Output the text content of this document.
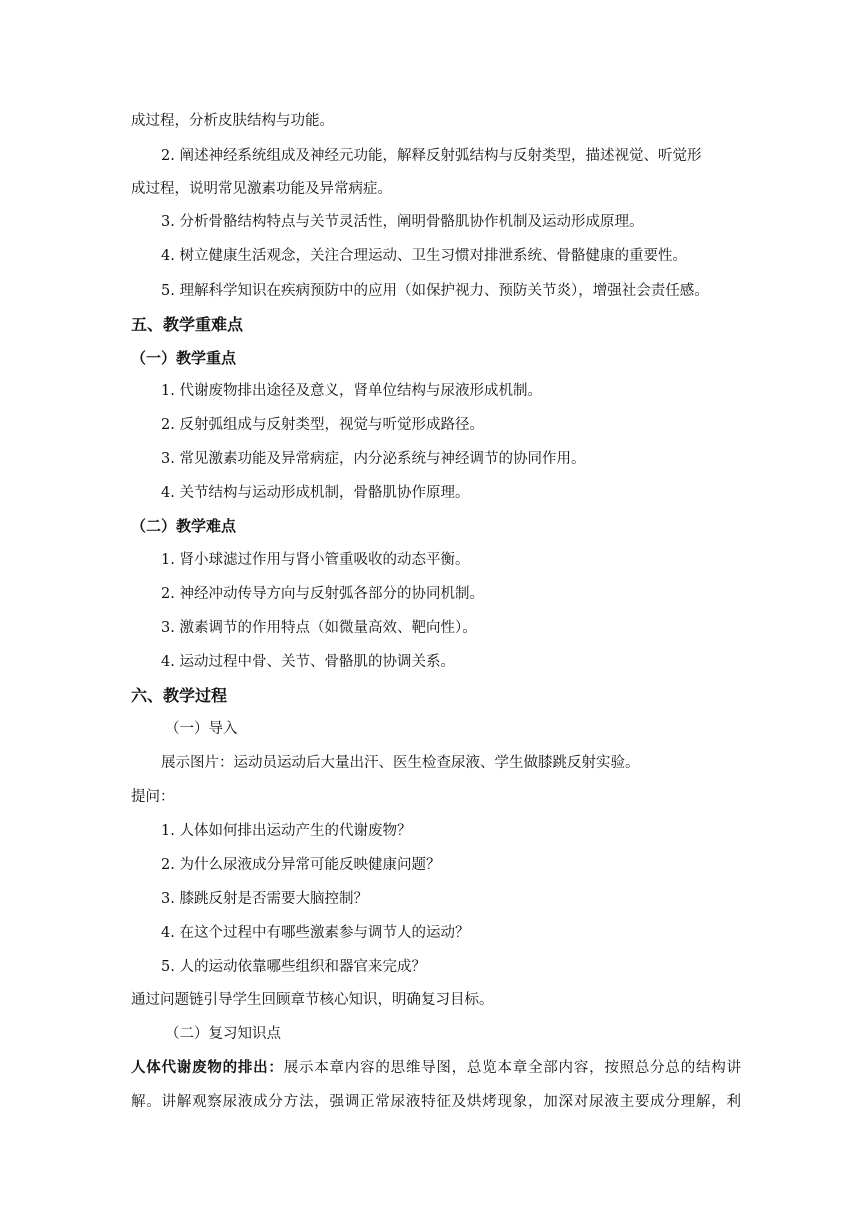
成过程，分析皮肤结构与功能。
2. 阐述神经系统组成及神经元功能，解释反射弧结构与反射类型，描述视觉、听觉形
成过程，说明常见激素功能及异常病症。
3. 分析骨骼结构特点与关节灵活性，阐明骨骼肌协作机制及运动形成原理。
4. 树立健康生活观念，关注合理运动、卫生习惯对排泄系统、骨骼健康的重要性。
5. 理解科学知识在疾病预防中的应用（如保护视力、预防关节炎），增强社会责任感。
五、教学重难点
（一）教学重点
1. 代谢废物排出途径及意义，肾单位结构与尿液形成机制。
2. 反射弧组成与反射类型，视觉与听觉形成路径。
3. 常见激素功能及异常病症，内分泌系统与神经调节的协同作用。
4. 关节结构与运动形成机制，骨骼肌协作原理。
（二）教学难点
1. 肾小球滤过作用与肾小管重吸收的动态平衡。
2. 神经冲动传导方向与反射弧各部分的协同机制。
3. 激素调节的作用特点（如微量高效、靶向性）。
4. 运动过程中骨、关节、骨骼肌的协调关系。
六、教学过程
（一）导入
展示图片：运动员运动后大量出汗、医生检查尿液、学生做膝跳反射实验。
提问：
1. 人体如何排出运动产生的代谢废物？
2. 为什么尿液成分异常可能反映健康问题？
3. 膝跳反射是否需要大脑控制？
4. 在这个过程中有哪些激素参与调节人的运动？
5. 人的运动依靠哪些组织和器官来完成？
通过问题链引导学生回顾章节核心知识，明确复习目标。
（二）复习知识点
人体代谢废物的排出：展示本章内容的思维导图，总览本章全部内容，按照总分总的结构讲
解。讲解观察尿液成分方法，强调正常尿液特征及烘烤现象，加深对尿液主要成分理解，利
